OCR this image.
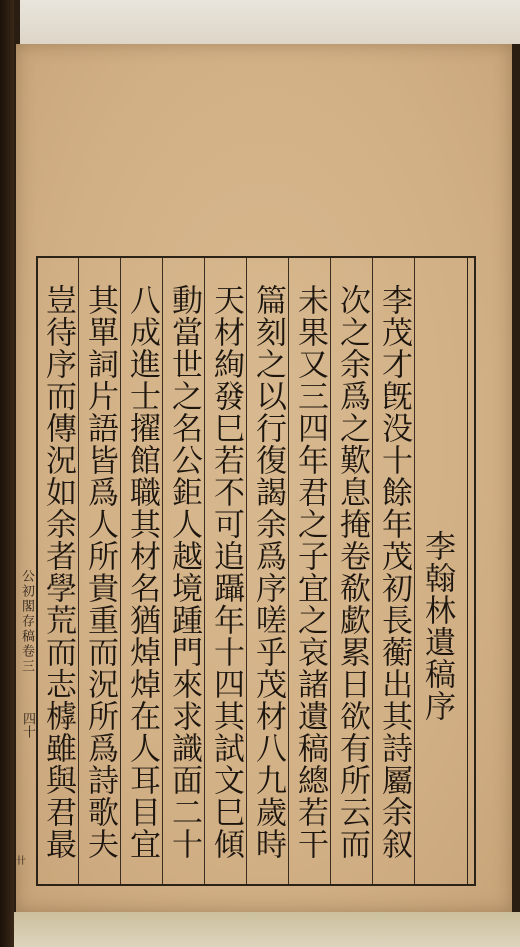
公初閣存稿卷三
四十
卄
李翰林遺稿序
李茂才旣没十餘年茂初長蘅出其詩屬余叙
次之余爲之歎息掩卷欷歔累日欲有所云而
未果又三四年君之子宜之哀諸遺稿總若干
篇刻之以行復謁余爲序嗟乎茂材八九歲時
天材絢發巳若不可追躡年十四其試文巳傾
動當世之名公鉅人越境踵門來求識面二十
八成進士擢館職其材名猶焯焯在人耳目宜
其單詞片語皆爲人所貴重而況所爲詩歌夫
豈待序而傳況如余者學荒而志㯉雖與君最
